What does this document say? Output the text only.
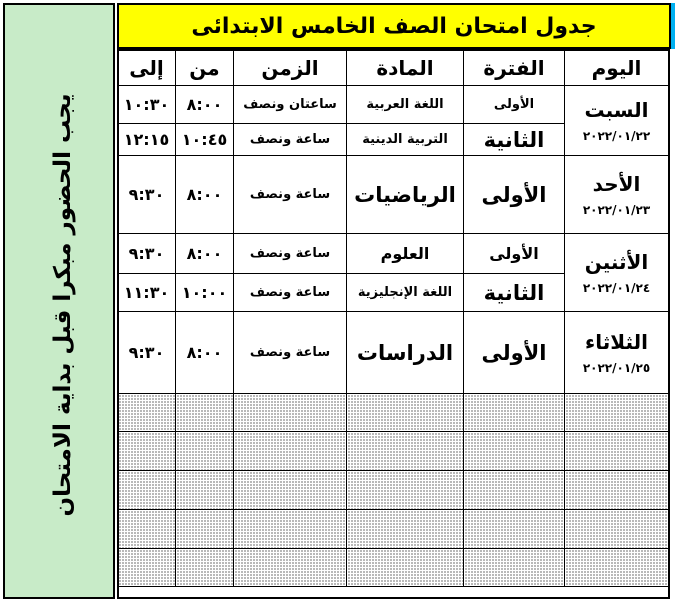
يجب الحضور مبكرا قبل بداية الامتحان
جدول امتحان الصف الخامس الابتدائى
إلى	من	الزمن	المادة	الفترة	اليوم
١٠:٣٠	٨:٠٠	ساعتان ونصف	اللغة العربية	الأولى	السبت
٢٠٢٢/٠١/٢٢

١٢:١٥	١٠:٤٥	ساعة ونصف	التربية الدينية	الثانية	
٩:٣٠	٨:٠٠	ساعة ونصف	الرياضيات	الأولى	الأحد
٢٠٢٢/٠١/٢٣

٩:٣٠	٨:٠٠	ساعة ونصف	العلوم	الأولى	الأثنين
٢٠٢٢/٠١/٢٤

١١:٣٠	١٠:٠٠	ساعة ونصف	اللغة الإنجليزية	الثانية	
٩:٣٠	٨:٠٠	ساعة ونصف	الدراسات	الأولى	الثلاثاء
٢٠٢٢/٠١/٢٥
